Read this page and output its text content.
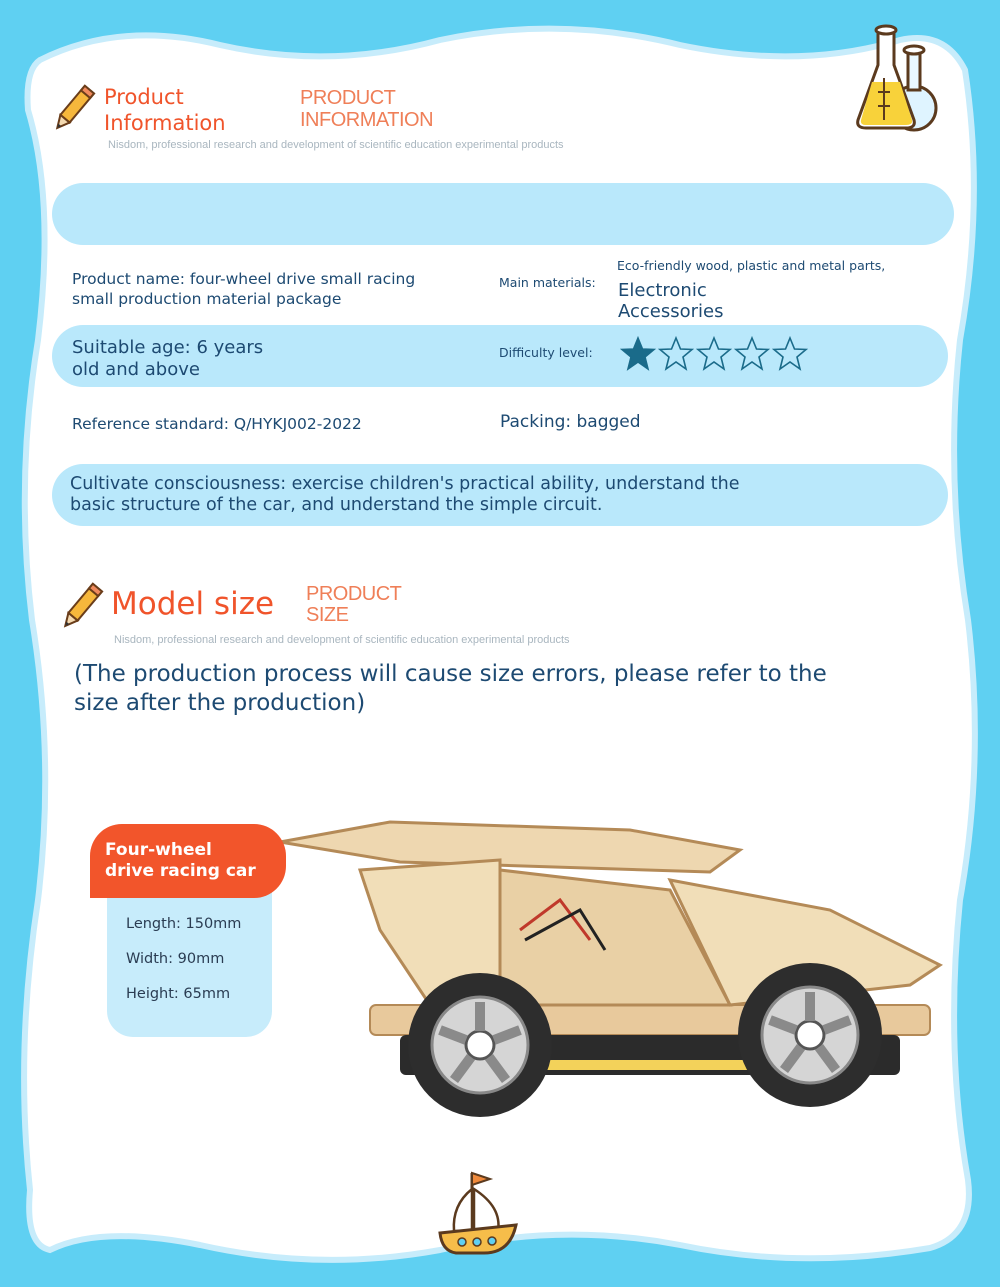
Product
Information
PRODUCT
INFORMATION
Nisdom, professional research and development of scientific education experimental products
Product name: four-wheel drive small racing
small production material package
Main materials:
Eco-friendly wood, plastic and metal parts,
Electronic
Accessories
Suitable age: 6 years
old and above
Difficulty level:
Reference standard: Q/HYKJ002-2022	Packing: bagged
Cultivate consciousness: exercise children's practical ability, understand the
basic structure of the car, and understand the simple circuit.
Model size PRODUCT
SIZE
Nisdom, professional research and development of scientific education experimental products
(The production process will cause size errors, please refer to the
size after the production)
Four-wheel
drive racing car
Length: 150mm
Width: 90mm
Height: 65mm
